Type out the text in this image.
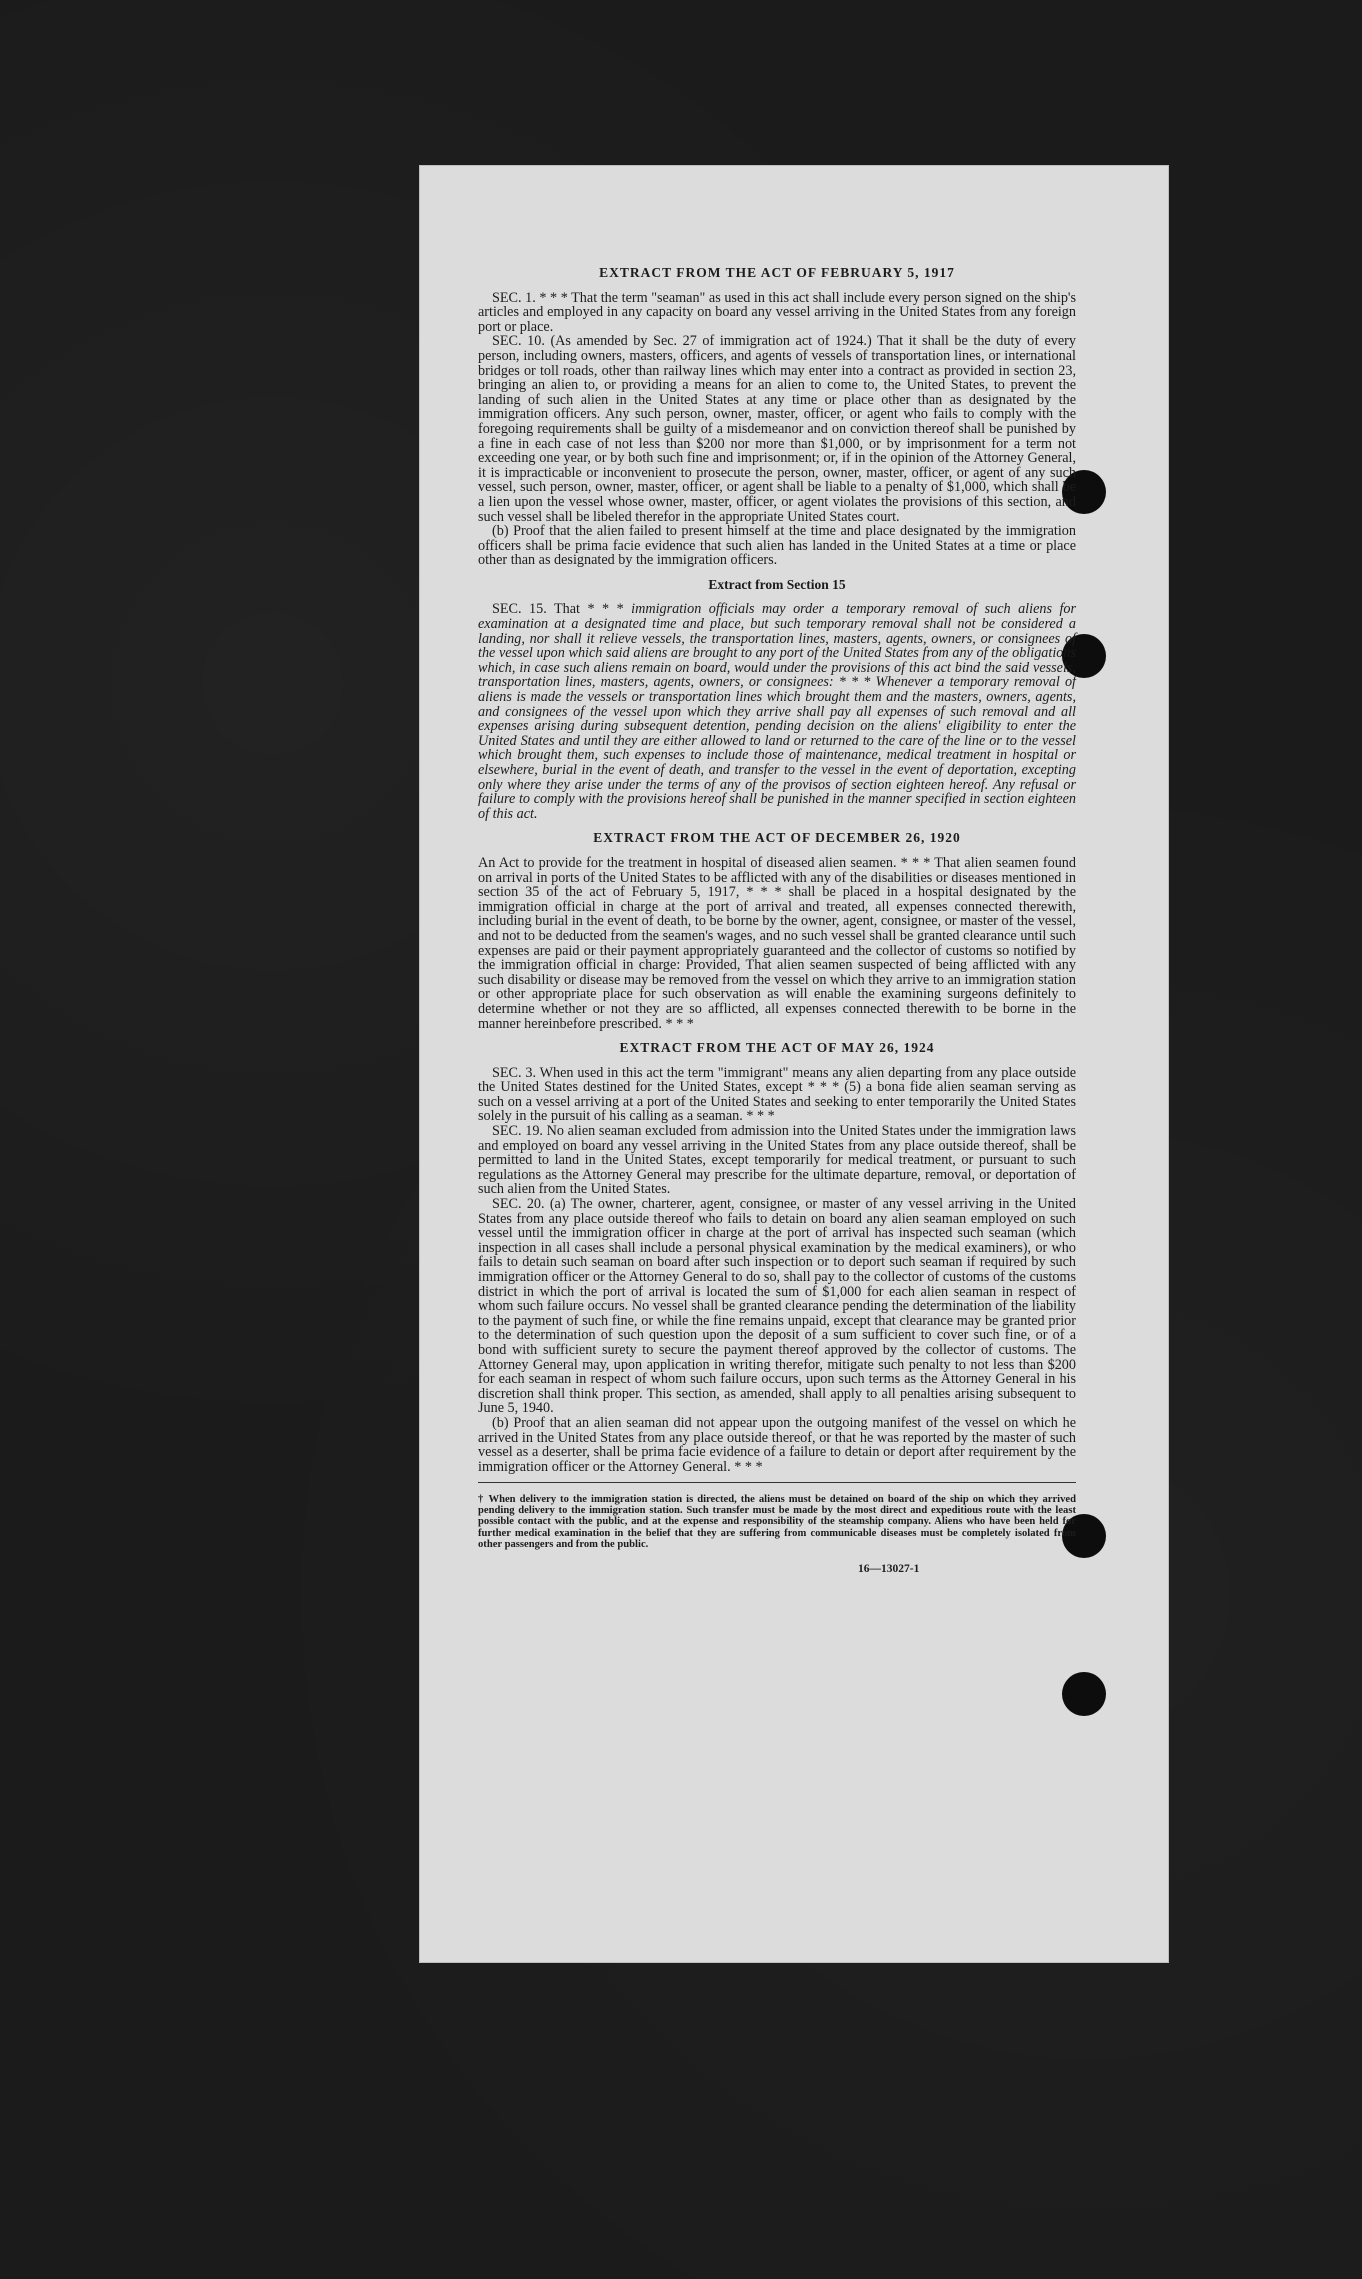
EXTRACT FROM THE ACT OF FEBRUARY 5, 1917

SEC. 1. * * * That the term "seaman" as used in this act shall include every person signed on the ship's articles and employed in any capacity on board any vessel arriving in the United States from any foreign port or place.

SEC. 10. (As amended by Sec. 27 of immigration act of 1924.) That it shall be the duty of every person, including owners, masters, officers, and agents of vessels of transportation lines, or international bridges or toll roads, other than railway lines which may enter into a contract as provided in section 23, bringing an alien to, or providing a means for an alien to come to, the United States, to prevent the landing of such alien in the United States at any time or place other than as designated by the immigration officers. Any such person, owner, master, officer, or agent who fails to comply with the foregoing requirements shall be guilty of a misdemeanor and on conviction thereof shall be punished by a fine in each case of not less than $200 nor more than $1,000, or by imprisonment for a term not exceeding one year, or by both such fine and imprisonment; or, if in the opinion of the Attorney General, it is impracticable or inconvenient to prosecute the person, owner, master, officer, or agent of any such vessel, such person, owner, master, officer, or agent shall be liable to a penalty of $1,000, which shall be a lien upon the vessel whose owner, master, officer, or agent violates the provisions of this section, and such vessel shall be libeled therefor in the appropriate United States court.

(b) Proof that the alien failed to present himself at the time and place designated by the immigration officers shall be prima facie evidence that such alien has landed in the United States at a time or place other than as designated by the immigration officers.

Extract from Section 15

SEC. 15. That * * * immigration officials may order a temporary removal of such aliens for examination at a designated time and place, but such temporary removal shall not be considered a landing, nor shall it relieve vessels, the transportation lines, masters, agents, owners, or consignees of the vessel upon which said aliens are brought to any port of the United States from any of the obligations which, in case such aliens remain on board, would under the provisions of this act bind the said vessels, transportation lines, masters, agents, owners, or consignees: * * * Whenever a temporary removal of aliens is made the vessels or transportation lines which brought them and the masters, owners, agents, and consignees of the vessel upon which they arrive shall pay all expenses of such removal and all expenses arising during subsequent detention, pending decision on the aliens' eligibility to enter the United States and until they are either allowed to land or returned to the care of the line or to the vessel which brought them, such expenses to include those of maintenance, medical treatment in hospital or elsewhere, burial in the event of death, and transfer to the vessel in the event of deportation, excepting only where they arise under the terms of any of the provisos of section eighteen hereof. Any refusal or failure to comply with the provisions hereof shall be punished in the manner specified in section eighteen of this act.

EXTRACT FROM THE ACT OF DECEMBER 26, 1920

An Act to provide for the treatment in hospital of diseased alien seamen. * * * That alien seamen found on arrival in ports of the United States to be afflicted with any of the disabilities or diseases mentioned in section 35 of the act of February 5, 1917, * * * shall be placed in a hospital designated by the immigration official in charge at the port of arrival and treated, all expenses connected therewith, including burial in the event of death, to be borne by the owner, agent, consignee, or master of the vessel, and not to be deducted from the seamen's wages, and no such vessel shall be granted clearance until such expenses are paid or their payment appropriately guaranteed and the collector of customs so notified by the immigration official in charge: Provided, That alien seamen suspected of being afflicted with any such disability or disease may be removed from the vessel on which they arrive to an immigration station or other appropriate place for such observation as will enable the examining surgeons definitely to determine whether or not they are so afflicted, all expenses connected therewith to be borne in the manner hereinbefore prescribed. * * *

EXTRACT FROM THE ACT OF MAY 26, 1924

SEC. 3. When used in this act the term "immigrant" means any alien departing from any place outside the United States destined for the United States, except * * * (5) a bona fide alien seaman serving as such on a vessel arriving at a port of the United States and seeking to enter temporarily the United States solely in the pursuit of his calling as a seaman. * * *

SEC. 19. No alien seaman excluded from admission into the United States under the immigration laws and employed on board any vessel arriving in the United States from any place outside thereof, shall be permitted to land in the United States, except temporarily for medical treatment, or pursuant to such regulations as the Attorney General may prescribe for the ultimate departure, removal, or deportation of such alien from the United States.

SEC. 20. (a) The owner, charterer, agent, consignee, or master of any vessel arriving in the United States from any place outside thereof who fails to detain on board any alien seaman employed on such vessel until the immigration officer in charge at the port of arrival has inspected such seaman (which inspection in all cases shall include a personal physical examination by the medical examiners), or who fails to detain such seaman on board after such inspection or to deport such seaman if required by such immigration officer or the Attorney General to do so, shall pay to the collector of customs of the customs district in which the port of arrival is located the sum of $1,000 for each alien seaman in respect of whom such failure occurs. No vessel shall be granted clearance pending the determination of the liability to the payment of such fine, or while the fine remains unpaid, except that clearance may be granted prior to the determination of such question upon the deposit of a sum sufficient to cover such fine, or of a bond with sufficient surety to secure the payment thereof approved by the collector of customs. The Attorney General may, upon application in writing therefor, mitigate such penalty to not less than $200 for each seaman in respect of whom such failure occurs, upon such terms as the Attorney General in his discretion shall think proper. This section, as amended, shall apply to all penalties arising subsequent to June 5, 1940.

(b) Proof that an alien seaman did not appear upon the outgoing manifest of the vessel on which he arrived in the United States from any place outside thereof, or that he was reported by the master of such vessel as a deserter, shall be prima facie evidence of a failure to detain or deport after requirement by the immigration officer or the Attorney General. * * *

† When delivery to the immigration station is directed, the aliens must be detained on board of the ship on which they arrived pending delivery to the immigration station. Such transfer must be made by the most direct and expeditious route with the least possible contact with the public, and at the expense and responsibility of the steamship company. Aliens who have been held for further medical examination in the belief that they are suffering from communicable diseases must be completely isolated from other passengers and from the public.

16—13027-1
